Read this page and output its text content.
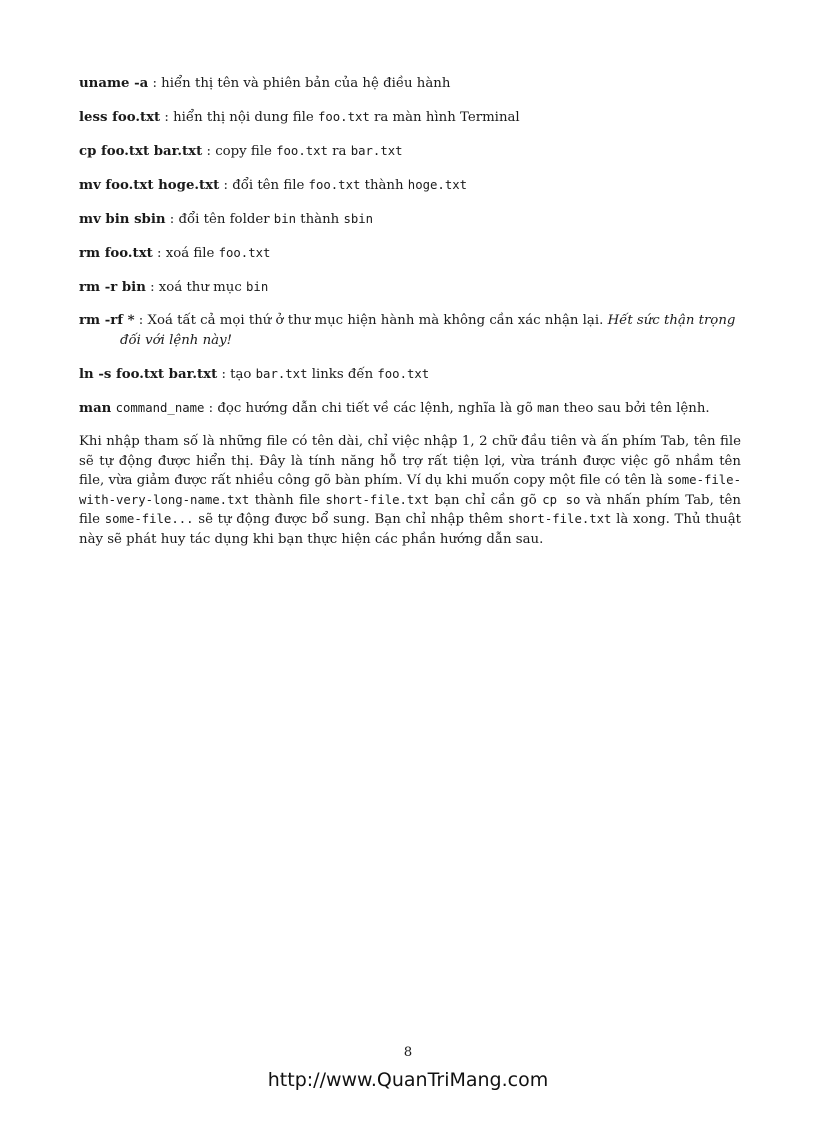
uname -a : hiển thị tên và phiên bản của hệ điều hành
less foo.txt : hiển thị nội dung file foo.txt ra màn hình Terminal
cp foo.txt bar.txt : copy file foo.txt ra bar.txt
mv foo.txt hoge.txt : đổi tên file foo.txt thành hoge.txt
mv bin sbin : đổi tên folder bin thành sbin
rm foo.txt : xoá file foo.txt
rm -r bin : xoá thư mục bin
rm -rf * : Xoá tất cả mọi thứ ở thư mục hiện hành mà không cần xác nhận lại. Hết sức thận trọng đối với lệnh này!
ln -s foo.txt bar.txt : tạo bar.txt links đến foo.txt
man command_name : đọc hướng dẫn chi tiết về các lệnh, nghĩa là gõ man theo sau bởi tên lệnh.
Khi nhập tham số là những file có tên dài, chỉ việc nhập 1, 2 chữ đầu tiên và ấn phím Tab, tên file sẽ tự động được hiển thị. Đây là tính năng hỗ trợ rất tiện lợi, vừa tránh được việc gõ nhầm tên file, vừa giảm được rất nhiều công gõ bàn phím. Ví dụ khi muốn copy một file có tên là some-file-with-very-long-name.txt thành file short-file.txt bạn chỉ cần gõ cp so và nhấn phím Tab, tên file some-file... sẽ tự động được bổ sung. Bạn chỉ nhập thêm short-file.txt là xong. Thủ thuật này sẽ phát huy tác dụng khi bạn thực hiện các phần hướng dẫn sau.
8
http://www.QuanTriMang.com
